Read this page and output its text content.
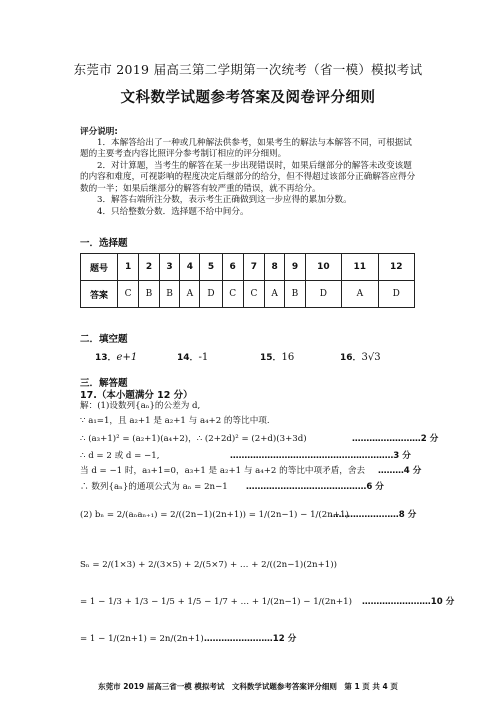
东莞市 2019 届高三第二学期第一次统考（省一模）模拟考试
文科数学试题参考答案及阅卷评分细则
评分说明:
1．本解答给出了一种或几种解法供参考，如果考生的解法与本解答不同，可根据试题的主要考查内容比照评分参考制订相应的评分细则。
2．对计算题，当考生的解答在某一步出现错误时，如果后继部分的解答未改变该题的内容和难度，可视影响的程度决定后继部分的给分，但不得超过该部分正确解答应得分数的一半；如果后继部分的解答有较严重的错误，就不再给分。
3．解答右端所注分数，表示考生正确做到这一步应得的累加分数。
4．只给整数分数．选择题不给中间分。
一．选择题
题号	1	2	3	4	5	6	7	8	9	10	11	12
答案	C	B	B	A	D	C	C	A	B	D	A	D
二．填空题
13．e+1	14．-1	15．16	16．3√3
三．解答题
17.（本小题满分 12 分）
解：(1)设数列{aₙ}的公差为 d,
∵ a₁=1，且 a₂+1 是 a₂+1 与 a₄+2 的等比中项.
∴ (a₃+1)² = (a₂+1)(a₄+2)，∴ (2+2d)² = (2+d)(3+3d)	……………………2 分
∴ d = 2 或 d = −1,	…………………………………………………3 分
当 d = −1 时，a₃+1=0，a₃+1 是 a₂+1 与 a₄+2 的等比中项矛盾，舍去 ………4 分
∴ 数列{aₙ}的通项公式为 aₙ = 2n−1 ……………………………………6 分
(2) bₙ = 2/(aₙaₙ₊₁) = 2/((2n−1)(2n+1)) = 1/(2n−1) − 1/(2n+1)
……………………8 分
Sₙ = 2/(1×3) + 2/(3×5) + 2/(5×7) + … + 2/((2n−1)(2n+1))
= 1 − 1/3 + 1/3 − 1/5 + 1/5 − 1/7 + … + 1/(2n−1) − 1/(2n+1) ……………………10 分
= 1 − 1/(2n+1) = 2n/(2n+1) ……………………12 分
东莞市 2019 届高三省一模 模拟考试　文科数学试题参考答案评分细则　第 1 页 共 4 页
